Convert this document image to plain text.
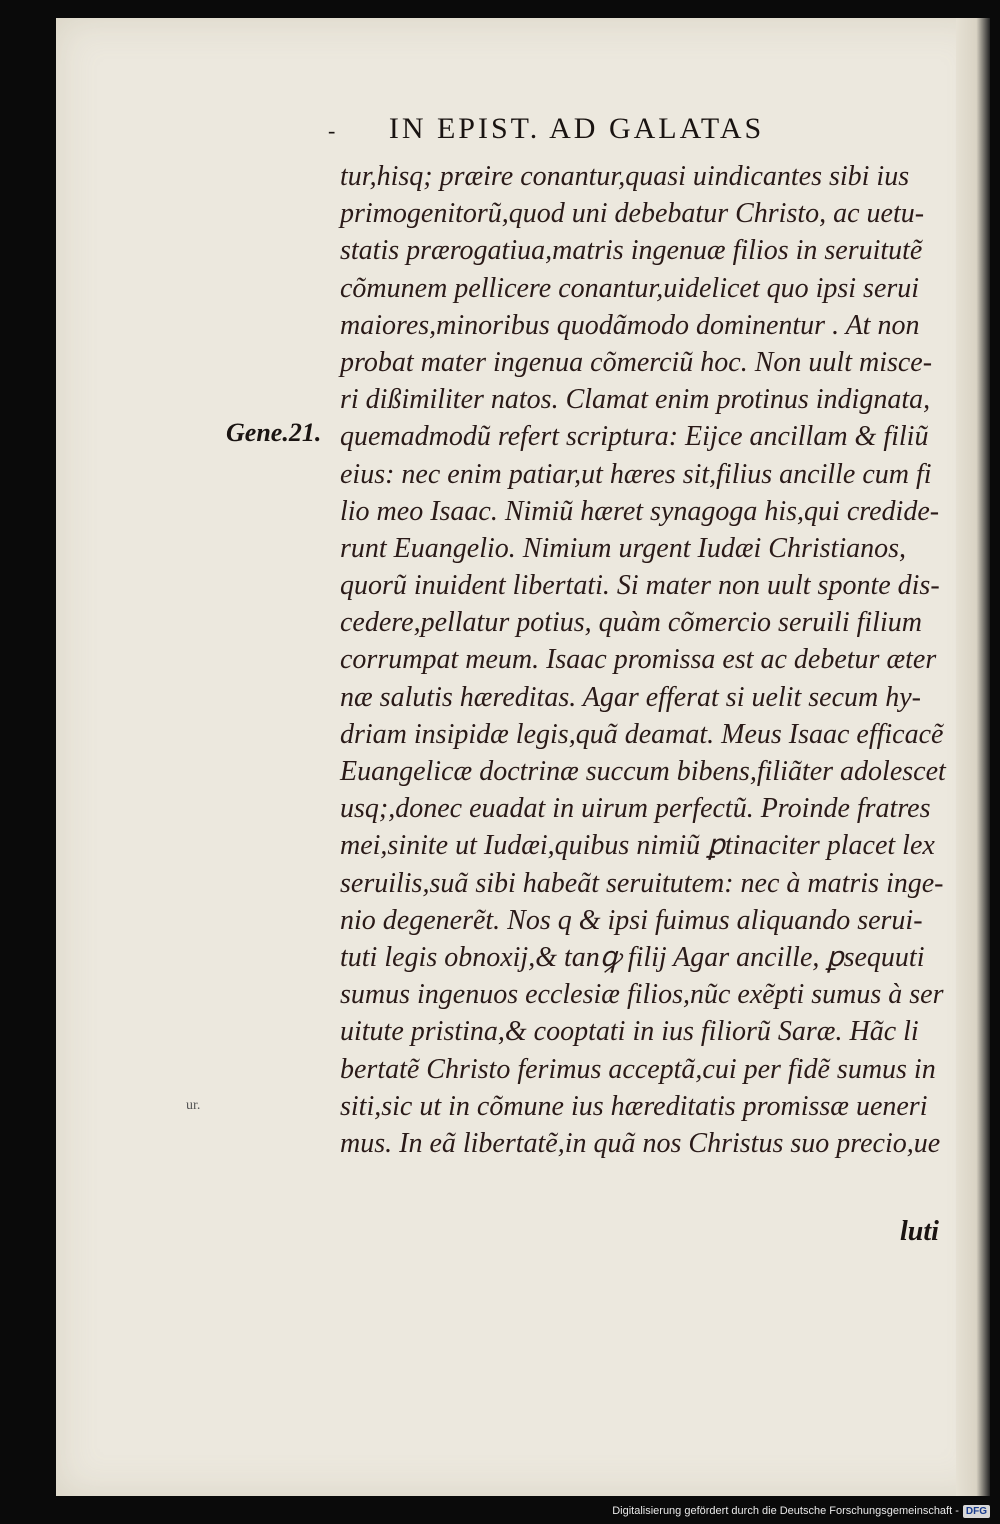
- IN EPIST. AD GALATAS
Gene.21.
tur,hisq; præire conantur,quasi uindicantes sibi ius
primogenitorũ,quod uni debebatur Christo, ac uetu-
statis prærogatiua,matris ingenuæ filios in seruitutẽ
cõmunem pellicere conantur,uidelicet quo ipsi serui
maiores,minoribus quodãmodo dominentur . At non
probat mater ingenua cõmerciũ hoc. Non uult misce-
ri dißimiliter natos. Clamat enim protinus indignata,
quemadmodũ refert scriptura: Eijce ancillam & filiũ
eius: nec enim patiar,ut hæres sit,filius ancille cum fi
lio meo Isaac. Nimiũ hæret synagoga his,qui credide-
runt Euangelio. Nimium urgent Iudæi Christianos,
quorũ inuident libertati. Si mater non uult sponte dis-
cedere,pellatur potius, quàm cõmercio seruili filium
corrumpat meum. Isaac promissa est ac debetur æter
næ salutis hæreditas. Agar efferat si uelit secum hy-
driam insipidæ legis,quã deamat. Meus Isaac efficacẽ
Euangelicæ doctrinæ succum bibens,filiãter adolescet
usq;,donec euadat in uirum perfectũ. Proinde fratres
mei,sinite ut Iudæi,quibus nimiũ ꝑtinaciter placet lex
seruilis,suã sibi habeãt seruitutem: nec à matris inge-
nio degenerẽt. Nos q & ipsi fuimus aliquando serui-
tuti legis obnoxij,& tanꝙ filij Agar ancille, ꝑsequuti
sumus ingenuos ecclesiæ filios,nũc exẽpti sumus à ser
uitute pristina,& cooptati in ius filiorũ Saræ. Hãc li
bertatẽ Christo ferimus acceptã,cui per fidẽ sumus in
siti,sic ut in cõmune ius hæreditatis promissæ ueneri
mus. In eã libertatẽ,in quã nos Christus suo precio,ue
luti
ur.
Digitalisierung gefördert durch die Deutsche Forschungsgemeinschaft - DFG
